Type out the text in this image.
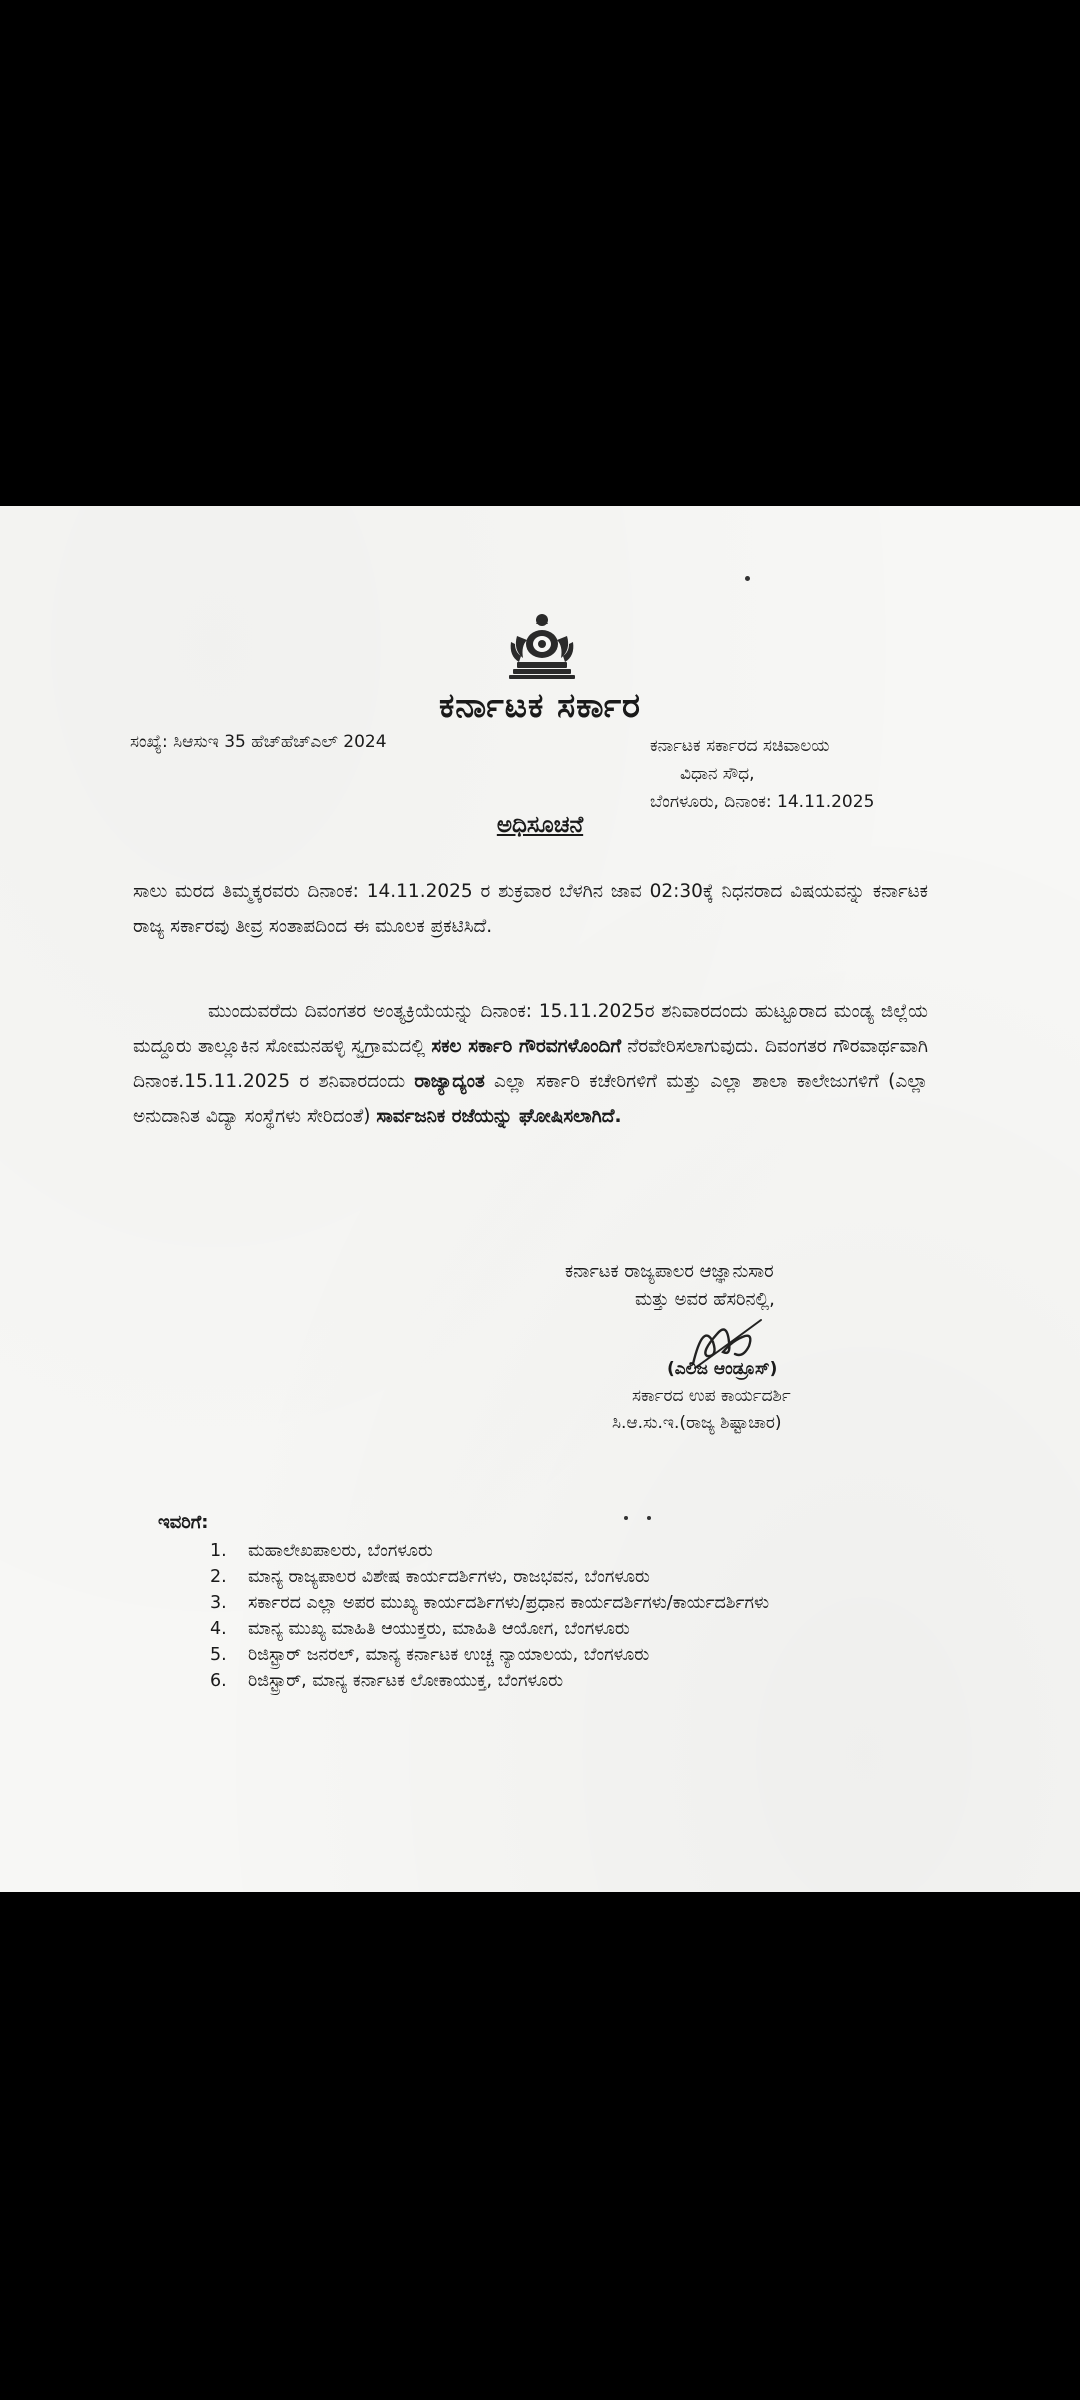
ಕರ್ನಾಟಕ ಸರ್ಕಾರ
ಸಂಖ್ಯೆ: ಸಿಆಸುಇ 35 ಹೆಚ್‌ಹೆಚ್‌ಎಲ್ 2024	ಕರ್ನಾಟಕ ಸರ್ಕಾರದ ಸಚಿವಾಲಯ
ವಿಧಾನ ಸೌಧ,
ಬೆಂಗಳೂರು, ದಿನಾಂಕ: 14.11.2025
ಅಧಿಸೂಚನೆ
ಸಾಲು ಮರದ ತಿಮ್ಮಕ್ಕರವರು ದಿನಾಂಕ: 14.11.2025 ರ ಶುಕ್ರವಾರ ಬೆಳಗಿನ ಜಾವ 02:30ಕ್ಕೆ ನಿಧನರಾದ ವಿಷಯವನ್ನು ಕರ್ನಾಟಕ ರಾಜ್ಯ ಸರ್ಕಾರವು ತೀವ್ರ ಸಂತಾಪದಿಂದ ಈ ಮೂಲಕ ಪ್ರಕಟಿಸಿದೆ.
ಮುಂದುವರೆದು ದಿವಂಗತರ ಅಂತ್ಯಕ್ರಿಯೆಯನ್ನು ದಿನಾಂಕ: 15.11.2025ರ ಶನಿವಾರದಂದು ಹುಟ್ಟೂರಾದ ಮಂಡ್ಯ ಜಿಲ್ಲೆಯ ಮದ್ದೂರು ತಾಲ್ಲೂಕಿನ ಸೋಮನಹಳ್ಳಿ ಸ್ವಗ್ರಾಮದಲ್ಲಿ ಸಕಲ ಸರ್ಕಾರಿ ಗೌರವಗಳೊಂದಿಗೆ ನೆರವೇರಿಸಲಾಗುವುದು. ದಿವಂಗತರ ಗೌರವಾರ್ಥವಾಗಿ ದಿನಾಂಕ.15.11.2025 ರ ಶನಿವಾರದಂದು ರಾಜ್ಯಾದ್ಯಂತ ಎಲ್ಲಾ ಸರ್ಕಾರಿ ಕಚೇರಿಗಳಿಗೆ ಮತ್ತು ಎಲ್ಲಾ ಶಾಲಾ ಕಾಲೇಜುಗಳಿಗೆ (ಎಲ್ಲಾ ಅನುದಾನಿತ ವಿದ್ಯಾ ಸಂಸ್ಥೆಗಳು ಸೇರಿದಂತೆ) ಸಾರ್ವಜನಿಕ ರಜೆಯನ್ನು ಘೋಷಿಸಲಾಗಿದೆ.
ಕರ್ನಾಟಕ ರಾಜ್ಯಪಾಲರ ಆಜ್ಞಾನುಸಾರ
ಮತ್ತು ಅವರ ಹೆಸರಿನಲ್ಲಿ,
(ಎಲಿಜ ಆಂಡ್ರೂಸ್)
ಸರ್ಕಾರದ ಉಪ ಕಾರ್ಯದರ್ಶಿ
ಸಿ.ಆ.ಸು.ಇ.(ರಾಜ್ಯ ಶಿಷ್ಟಾಚಾರ)
ಇವರಿಗೆ:
1. ಮಹಾಲೇಖಪಾಲರು, ಬೆಂಗಳೂರು
2. ಮಾನ್ಯ ರಾಜ್ಯಪಾಲರ ವಿಶೇಷ ಕಾರ್ಯದರ್ಶಿಗಳು, ರಾಜಭವನ, ಬೆಂಗಳೂರು
3. ಸರ್ಕಾರದ ಎಲ್ಲಾ ಅಪರ ಮುಖ್ಯ ಕಾರ್ಯದರ್ಶಿಗಳು/ಪ್ರಧಾನ ಕಾರ್ಯದರ್ಶಿಗಳು/ಕಾರ್ಯದರ್ಶಿಗಳು
4. ಮಾನ್ಯ ಮುಖ್ಯ ಮಾಹಿತಿ ಆಯುಕ್ತರು, ಮಾಹಿತಿ ಆಯೋಗ, ಬೆಂಗಳೂರು
5. ರಿಜಿಸ್ಟ್ರಾರ್ ಜನರಲ್, ಮಾನ್ಯ ಕರ್ನಾಟಕ ಉಚ್ಚ ನ್ಯಾಯಾಲಯ, ಬೆಂಗಳೂರು
6. ರಿಜಿಸ್ಟ್ರಾರ್, ಮಾನ್ಯ ಕರ್ನಾಟಕ ಲೋಕಾಯುಕ್ತ, ಬೆಂಗಳೂರು
